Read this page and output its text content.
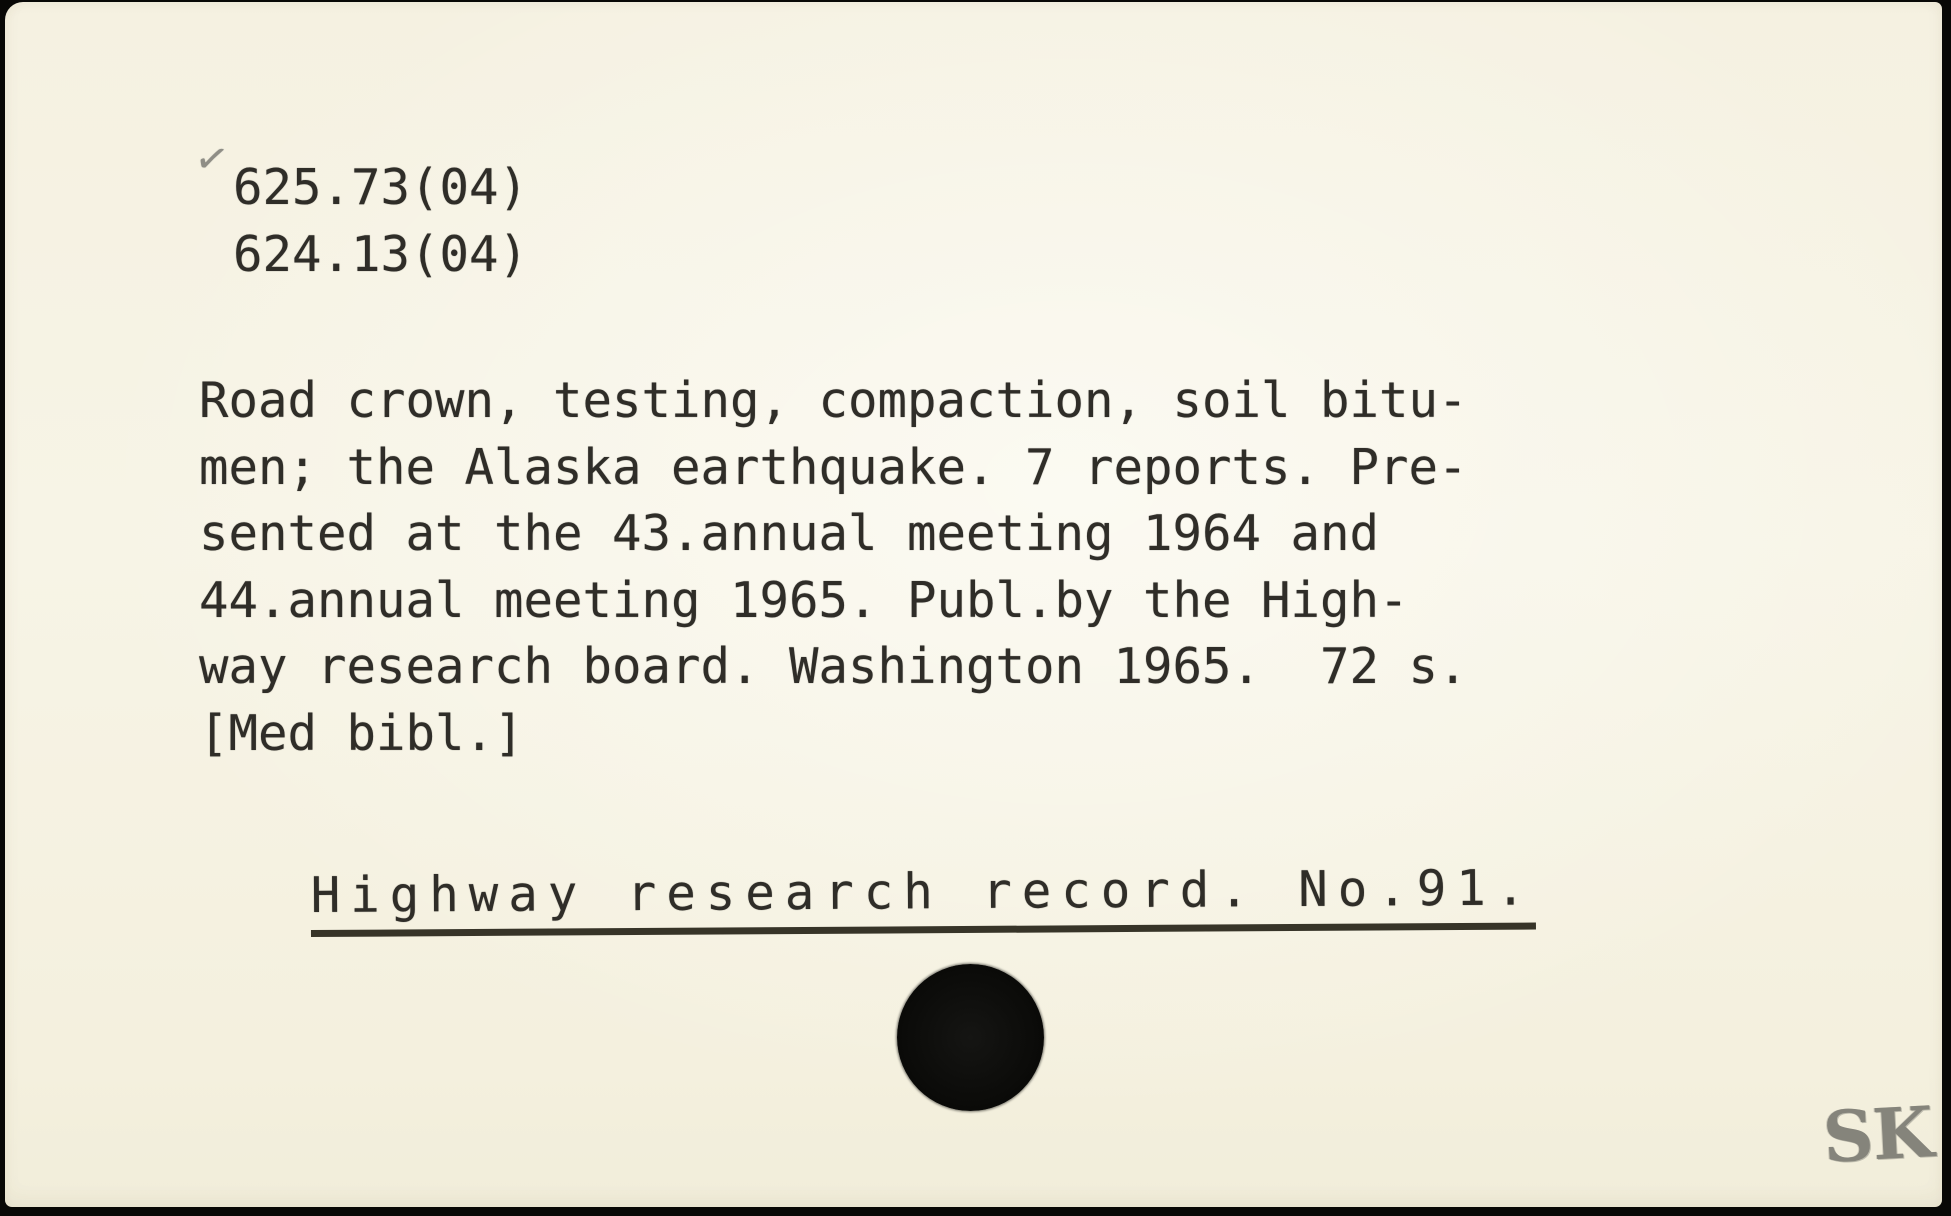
✓
625.73(04)
624.13(04)
Road crown, testing, compaction, soil bitu-
men; the Alaska earthquake. 7 reports. Pre-
sented at the 43.annual meeting 1964 and
44.annual meeting 1965. Publ.by the High-
way research board. Washington 1965.  72 s.
[Med bibl.]

Highway research record. No.91.

SK
